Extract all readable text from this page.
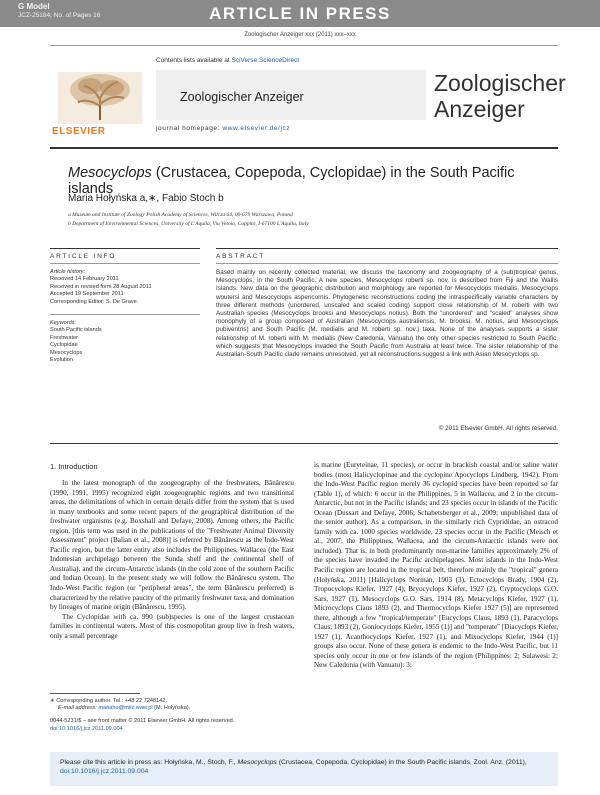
ARTICLE IN PRESS
G Model
JCZ-25184; No. of Pages 16
Zoologischer Anzeiger xxx (2011) xxx–xxx
ELSEVIER
Contents lists available at SciVerse ScienceDirect
Zoologischer Anzeiger
journal homepage: www.elsevier.de/jcz
Zoologischer
Anzeiger
Mesocyclops (Crustacea, Copepoda, Cyclopidae) in the South Pacific islands
Maria Hołyńska a,∗, Fabio Stoch b
a Museum and Institute of Zoology Polish Academy of Sciences, Wilcza 64, 00-679 Warszawa, Poland
b Department of Environmental Sciences, University of L'Aquila, Via Vetoio, Coppito, I-67100 L'Aquila, Italy
ARTICLE INFO	ABSTRACT
Article history:
Received 14 February 2011
Received in revised form 28 August 2011
Accepted 19 September 2011
Corresponding Editor: S. De Grave.
Keywords:
South Pacific islands
Freshwater
Cyclopidae
Mesocyclops
Evolution
Based mainly on recently collected material, we discuss the taxonomy and zoogeography of a (sub)tropical genus, Mesocyclops, in the South Pacific. A new species, Mesocyclops roberti sp. nov. is described from Fiji and the Wallis Islands. New data on the geographic distribution and morphology are reported for Mesocyclops medialis, Mesocyclops woutersi and Mesocyclops aspericornis. Phylogenetic reconstructions coding the intraspecifically variable characters by three different methods (unordered, unscaled and scaled coding) support close relationship of M. roberti with two Australian species (Mesocyclops brooksi and Mesocyclops notius). Both the "unordered" and "scaled" analyses show monophyly of a group composed of Australian (Mesocyclops australiensis, M. brooksi, M. notius, and Mesocyclops pubiventris) and South Pacific (M. medialis and M. roberti sp. nov.) taxa. None of the analyses supports a sister relationship of M. roberti with M. medialis (New Caledonia, Vanuatu) the only other species restricted to South Pacific, which suggests that Mesocyclops invaded the South Pacific from Australia at least twice. The sister relationship of the Australian-South Pacific clade remains unresolved, yet all reconstructions suggest a link with Asian Mesocyclops sp.
© 2011 Elsevier GmbH. All rights reserved.
1. Introduction

In the latest monograph of the zoogeography of the freshwaters, Bănărescu (1990, 1991, 1995) recognized eight zoogeographic regions and two transitional areas, the delimitations of which in certain details differ from the system that is used in many textbooks and some recent papers of the geographical distribution of the freshwater organisms (e.g. Boxshall and Defaye, 2008). Among others, the Pacific region, [this term was used in the publications of the "Freshwater Animal Diversity Assessment" project (Balian et al., 2008)] is referred by Bănărescu as the Indo-West Pacific region, but the latter entity also includes the Philippines, Wallacea (the East Indonesian archipelago between the Sunda shelf and the continental shelf of Australia), and the circum-Antarctic islands (in the cold zone of the southern Pacific and Indian Ocean). In the present study we will follow the Bănărescu system. The Indo-West Pacific region (or "peripheral areas", the term Bănărescu preferred) is characterized by the relative paucity of the primarily freshwater taxa, and domination by lineages of marine origin (Bănărescu, 1995).

The Cyclopidae with ca. 990 (sub)species is one of the largest crustacean families in continental waters. Most of this cosmopolitan group live in fresh waters, only a small percentage

is marine (Euryteinae, 11 species), or occur in brackish coastal and/or saline water bodies (most Halicyclopinae and the cyclopine Apocyclops Lindberg, 1942). From the Indo-West Pacific region merely 36 cyclopid species have been reported so far (Table 1), of which: 6 occur in the Philippines, 5 in Wallacea, and 2 in the circum-Antarctic, but not in the Pacific islands; and 23 species occur in islands of the Pacific Ocean (Dussart and Defaye, 2006; Schabetsberger et al., 2009; unpublished data of the senior author). As a comparison, in the similarly rich Cyprididae, an ostracod family with ca. 1000 species worldwide, 23 species occur in the Pacific (Meisch et al., 2007; the Philippines, Wallacea, and the circum-Antarctic islands were not included). That is, in both predominantly non-marine families approximately 2% of the species have invaded the Pacific archipelagoes. Most islands in the Indo-West Pacific region are located in the tropical belt, therefore mainly the "tropical" genera (Hołyńska, 2011) [Halicyclops Norman, 1903 (3), Ectocyclops Brady, 1904 (2), Tropocyclops Kiefer, 1927 (4), Bryocyclops Kiefer, 1927 (2), Cryptocyclops G.O. Sars, 1927 (1), Mesocyclops G.O. Sars, 1914 (8), Metacyclops Kiefer, 1927 (1), Microcyclops Claus 1893 (2), and Thermocyclops Kiefer 1927 (5)] are represented there, although a few "tropical/temperate" [Eucyclops Claus, 1893 (1), Paracyclops Claus, 1893 (2), Goniocyclops Kiefer, 1955 (1)] and "temperate" [Diacyclops Kiefer, 1927 (1), Acanthocyclops Kiefer, 1927 (1), and Mixocyclops Kiefer, 1944 (1)] groups also occur. None of these genera is endemic to the Indo-West Pacific, but 11 species only occur in one or few islands of the region (Philippines: 2; Sulawesi: 2; New Caledonia (with Vanuatu): 3;

∗ Corresponding author. Tel.: +48 22 7248142.
E-mail address: mariaho@miiz.waw.pl (M. Hołyńska).
0044-5231/$ – see front matter © 2011 Elsevier GmbH. All rights reserved.
doi:10.1016/j.jcz.2011.09.004
Please cite this article in press as: Hołyńska, M., Stoch, F., Mesocyclops (Crustacea, Copepoda, Cyclopidae) in the South Pacific islands. Zool. Anz. (2011), doi:10.1016/j.jcz.2011.09.004
